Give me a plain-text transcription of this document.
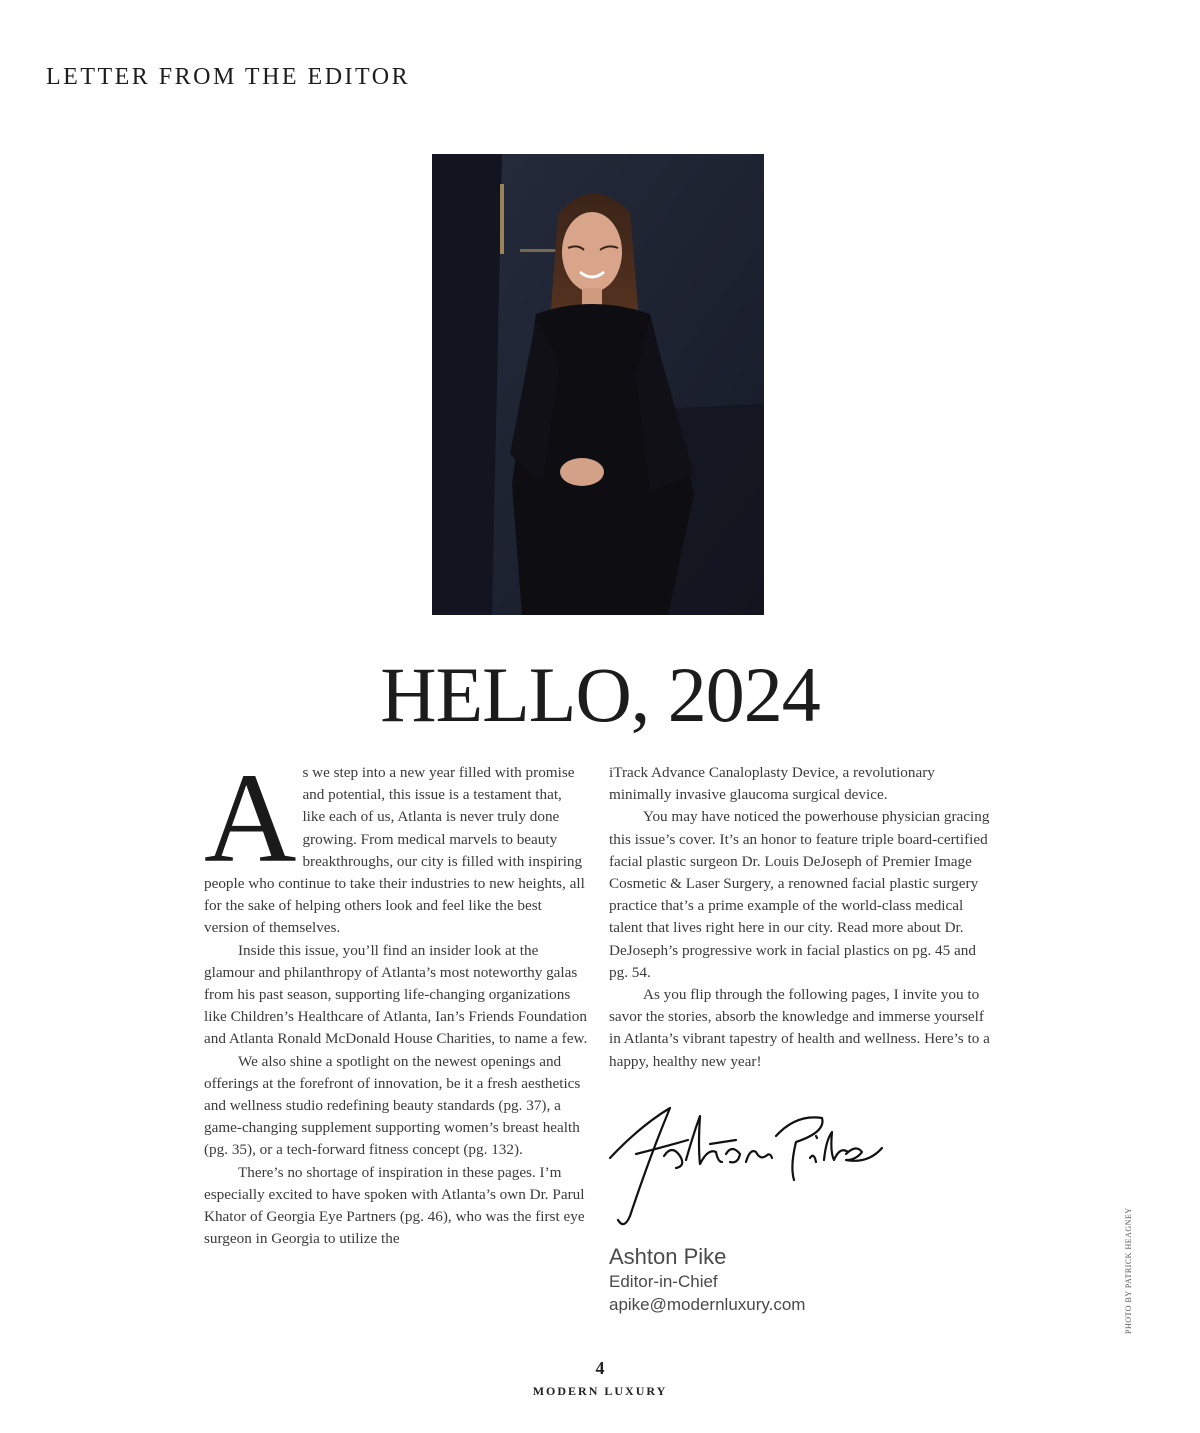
LETTER FROM THE EDITOR
HELLO, 2024
A s we step into a new year filled with promise and potential, this issue is a testament that, like each of us, Atlanta is never truly done growing. From medical marvels to beauty breakthroughs, our city is filled with inspiring people who continue to take their industries to new heights, all for the sake of helping others look and feel like the best version of themselves.

Inside this issue, you’ll find an insider look at the glamour and philanthropy of Atlanta’s most noteworthy galas from his past season, supporting life-changing organizations like Children’s Healthcare of Atlanta, Ian’s Friends Foundation and Atlanta Ronald McDonald House Charities, to name a few.

We also shine a spotlight on the newest openings and offerings at the forefront of innovation, be it a fresh aesthetics and wellness studio redefining beauty standards (pg. 37), a game-changing supplement supporting women’s breast health (pg. 35), or a tech-forward fitness concept (pg. 132).

There’s no shortage of inspiration in these pages. I’m especially excited to have spoken with Atlanta’s own Dr. Parul Khator of Georgia Eye Partners (pg. 46), who was the first eye surgeon in Georgia to utilize the

iTrack Advance Canaloplasty Device, a revolutionary minimally invasive glaucoma surgical device.

You may have noticed the powerhouse physician gracing this issue’s cover. It’s an honor to feature triple board-certified facial plastic surgeon Dr. Louis DeJoseph of Premier Image Cosmetic & Laser Surgery, a renowned facial plastic surgery practice that’s a prime example of the world-class medical talent that lives right here in our city. Read more about Dr. DeJoseph’s progressive work in facial plastics on pg. 45 and pg. 54.

As you flip through the following pages, I invite you to savor the stories, absorb the knowledge and immerse yourself in Atlanta’s vibrant tapestry of health and wellness. Here’s to a happy, healthy new year!

Ashton Pike
Editor-in-Chief
apike@modernluxury.com	PHOTO BY PATRICK HEAGNEY
4
MODERN LUXURY
